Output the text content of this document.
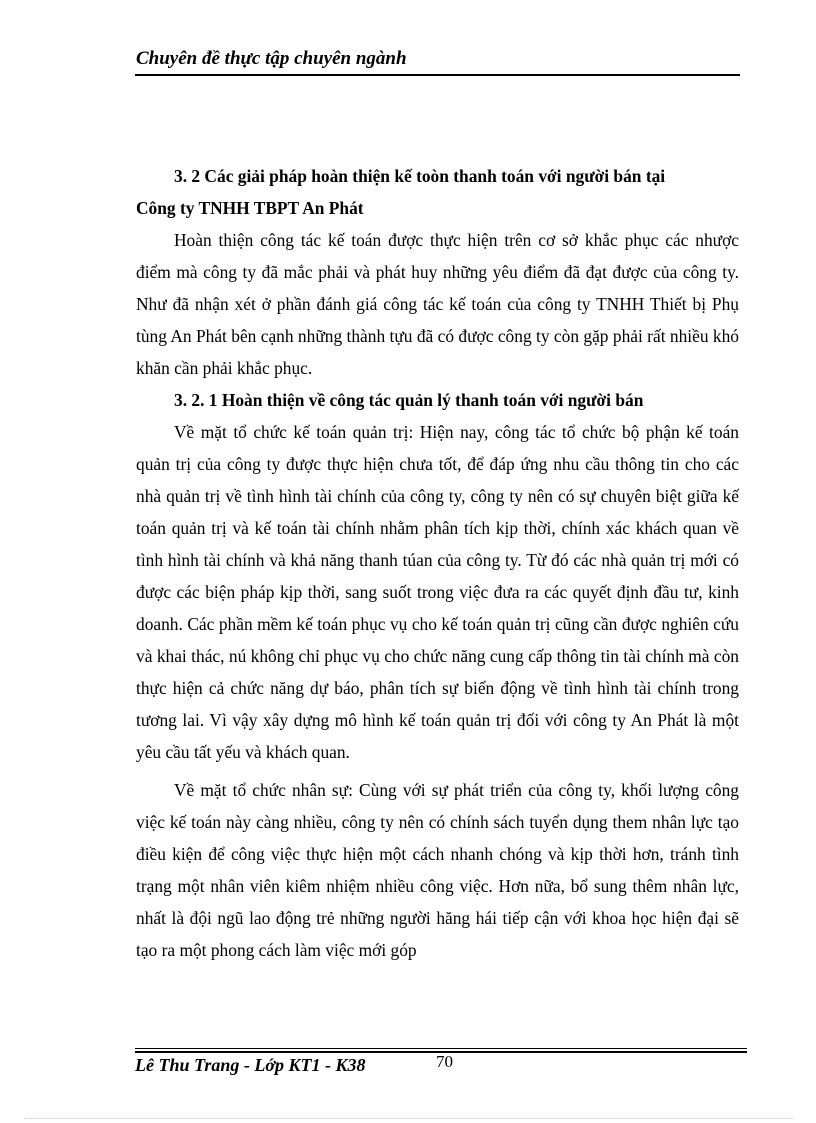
Chuyên đề thực tập chuyên ngành

3. 2 Các giải pháp hoàn thiện kế toòn thanh toán với người bán tại
Công ty TNHH TBPT An Phát

Hoàn thiện công tác kế toán được thực hiện trên cơ sở khắc phục các nhược điểm mà công ty đã mắc phải và phát huy những yêu điểm đã đạt được của công ty. Như đã nhận xét ở phần đánh giá công tác kế toán của công ty TNHH Thiết bị Phụ tùng An Phát bên cạnh những thành tựu đã có được công ty còn gặp phải rất nhiều khó khăn cần phải khắc phục.

3. 2. 1 Hoàn thiện về công tác quản lý thanh toán với người bán

Về mặt tổ chức kế toán quản trị: Hiện nay, công tác tổ chức bộ phận kế toán quản trị của công ty được thực hiện chưa tốt, để đáp ứng nhu cầu thông tin cho các nhà quản trị về tình hình tài chính của công ty, công ty nên có sự chuyên biệt giữa kế toán quản trị và kế toán tài chính nhằm phân tích kịp thời, chính xác khách quan về tình hình tài chính và khả năng thanh túan của công ty. Từ đó các nhà quản trị mới có được các biện pháp kịp thời, sang suốt trong việc đưa ra các quyết định đầu tư, kinh doanh. Các phần mềm kế toán phục vụ cho kế toán quản trị cũng cần được nghiên cứu và khai thác, nú không chỉ phục vụ cho chức năng cung cấp thông tin tài chính mà còn thực hiện cả chức năng dự báo, phân tích sự biến động về tình hình tài chính trong tương lai. Vì vậy xây dựng mô hình kế toán quản trị đối với công ty An Phát là một yêu cầu tất yếu và khách quan.

Về mặt tổ chức nhân sự: Cùng với sự phát triển của công ty, khối lượng công việc kế toán này càng nhiều, công ty nên có chính sách tuyển dụng them nhân lực tạo điều kiện để công việc thực hiện một cách nhanh chóng và kịp thời hơn, tránh tình trạng một nhân viên kiêm nhiệm nhiều công việc. Hơn nữa, bổ sung thêm nhân lực, nhất là đội ngũ lao động trẻ những người hăng hái tiếp cận với khoa học hiện đại sẽ tạo ra một phong cách làm việc mới góp

Lê Thu Trang - Lớp KT1 - K38	70
